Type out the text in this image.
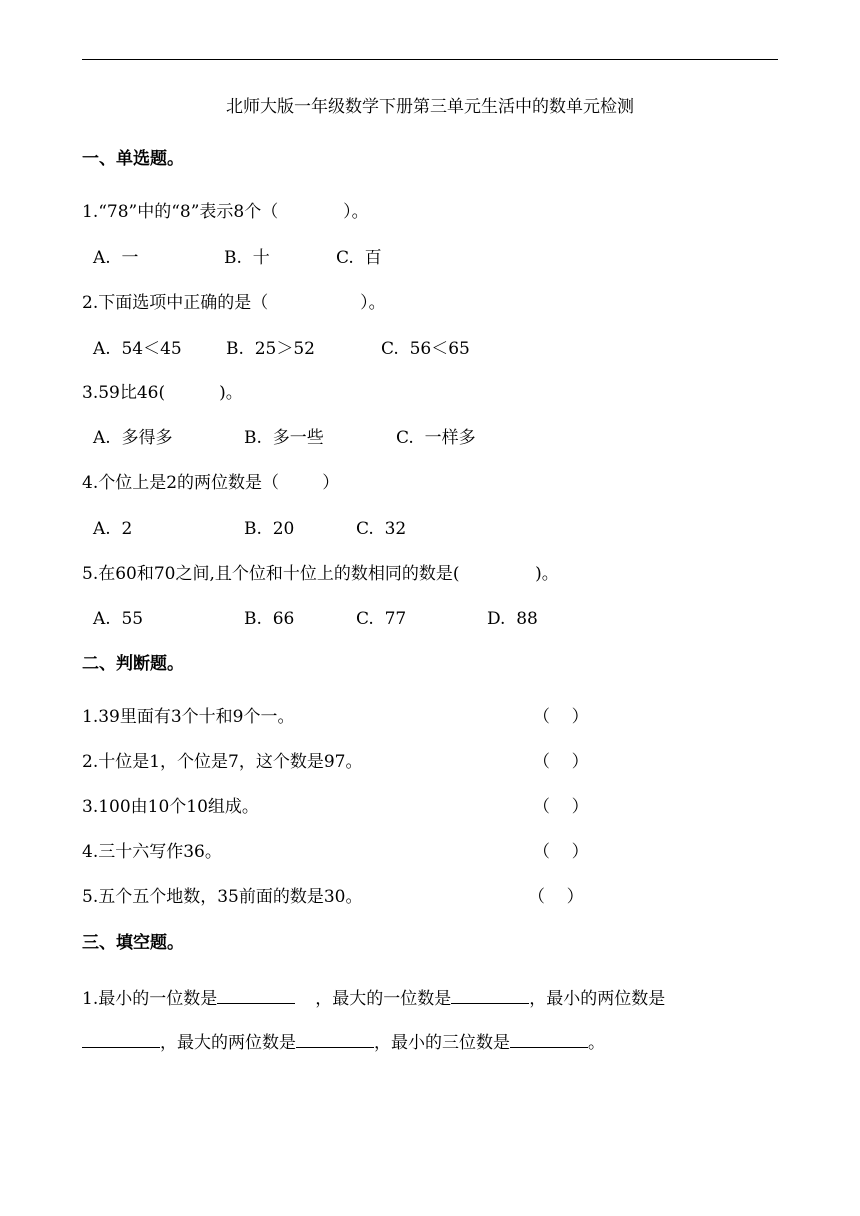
北师大版一年级数学下册第三单元生活中的数单元检测
一、单选题。
1.“78”中的“8”表示8个（            ）。
A.  一	B.  十	C.  百
2.下面选项中正确的是（                 ）。
A.  54＜45	B.  25＞52	C.  56＜65
3.59比46(          )。
A.  多得多	B.  多一些	C.  一样多
4.个位上是2的两位数是（        ）
A.  2	B.  20	C.  32
5.在60和70之间,且个位和十位上的数相同的数是(              )。
A.  55	B.  66	C.  77	D.  88
二、判断题。
1.39里面有3个十和9个一。	（    ）
2.十位是1，个位是7，这个数是97。	（    ）
3.100由10个10组成。	（    ）
4.三十六写作36。	（    ）
5.五个五个地数，35前面的数是30。	（    ）
三、填空题。
1.最小的一位数是	，最大的一位数是	，最小的两位数是
，最大的两位数是	，最小的三位数是	。
